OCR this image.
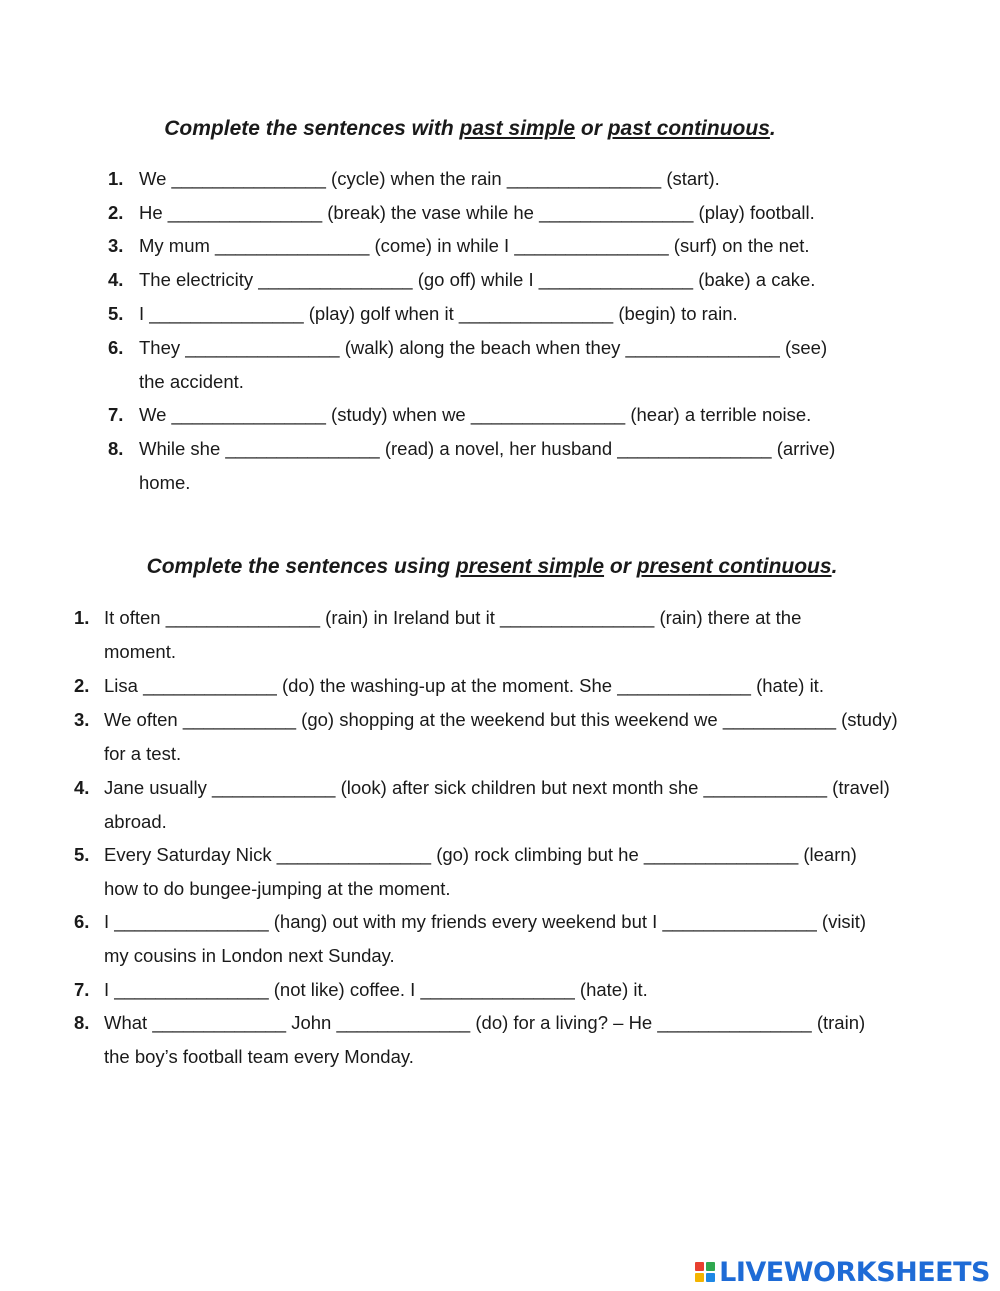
Complete the sentences with past simple or past continuous.
1. We _______________ (cycle) when the rain _______________ (start).
2. He _______________ (break) the vase while he _______________ (play) football.
3. My mum _______________ (come) in while I _______________ (surf) on the net.
4. The electricity _______________ (go off) while I _______________ (bake) a cake.
5. I _______________ (play) golf when it _______________ (begin) to rain.
6. They _______________ (walk) along the beach when they _______________ (see)
the accident.
7. We _______________ (study) when we _______________ (hear) a terrible noise.
8. While she _______________ (read) a novel, her husband _______________ (arrive)
home.
Complete the sentences using present simple or present continuous.
1. It often _______________ (rain) in Ireland but it _______________ (rain) there at the
moment.
2. Lisa _____________ (do) the washing-up at the moment. She _____________ (hate) it.
3. We often ___________ (go) shopping at the weekend but this weekend we ___________ (study)
for a test.
4. Jane usually ____________ (look) after sick children but next month she ____________ (travel)
abroad.
5. Every Saturday Nick _______________ (go) rock climbing but he _______________ (learn)
how to do bungee-jumping at the moment.
6. I _______________ (hang) out with my friends every weekend but I _______________ (visit)
my cousins in London next Sunday.
7. I _______________ (not like) coffee. I _______________ (hate) it.
8. What _____________ John _____________ (do) for a living? – He _______________ (train)
the boy’s football team every Monday.
LIVEWORKSHEETS
